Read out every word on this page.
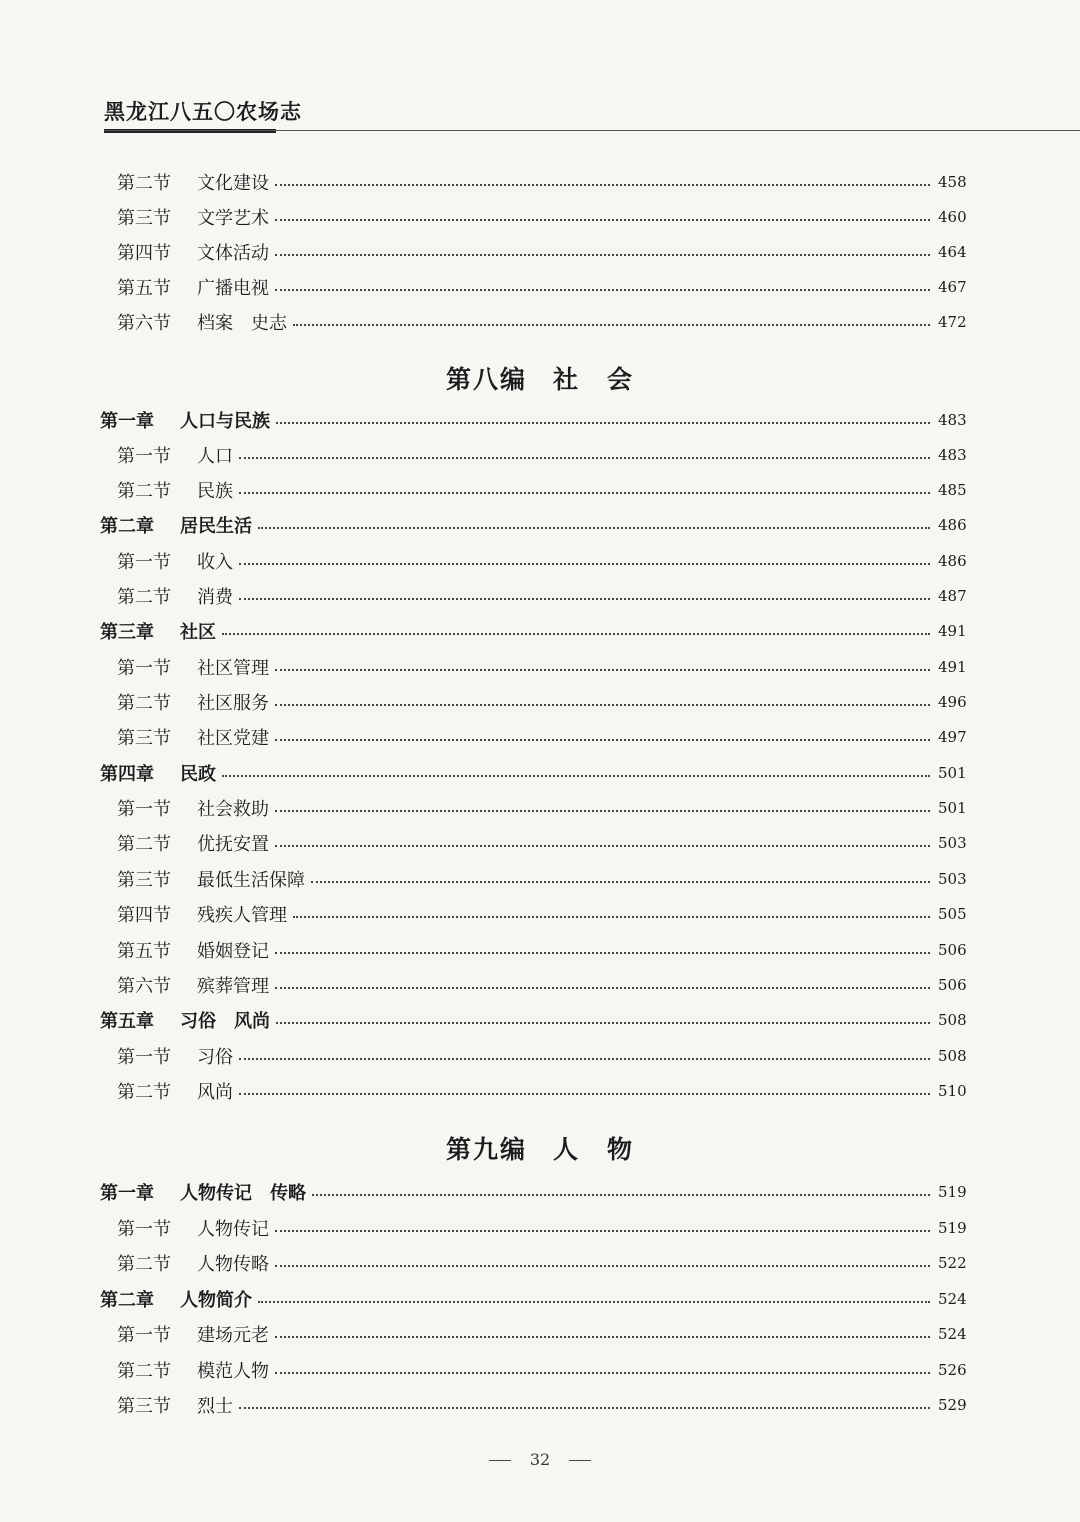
黑龙江八五〇农场志
第二节	文化建设	458
第三节	文学艺术	460
第四节	文体活动	464
第五节	广播电视	467
第六节	档案　史志	472
第八编 社　会
第一章	人口与民族	483
第一节	人口	483
第二节	民族	485
第二章	居民生活	486
第一节	收入	486
第二节	消费	487
第三章	社区	491
第一节	社区管理	491
第二节	社区服务	496
第三节	社区党建	497
第四章	民政	501
第一节	社会救助	501
第二节	优抚安置	503
第三节	最低生活保障	503
第四节	残疾人管理	505
第五节	婚姻登记	506
第六节	殡葬管理	506
第五章	习俗　风尚	508
第一节	习俗	508
第二节	风尚	510
第九编 人　物
第一章	人物传记　传略	519
第一节	人物传记	519
第二节	人物传略	522
第二章	人物简介	524
第一节	建场元老	524
第二节	模范人物	526
第三节	烈士	529
32
